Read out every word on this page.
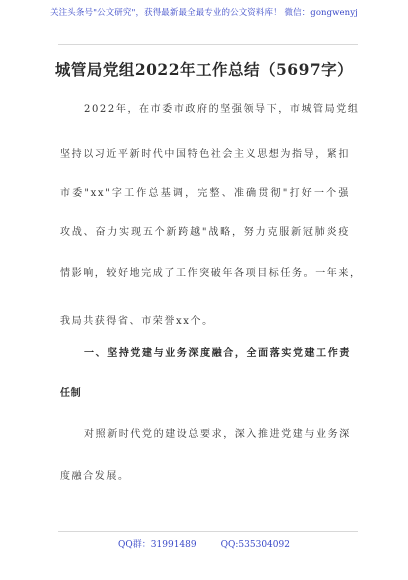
关注头条号"公文研究"，获得最新最全最专业的公文资料库！ 微信：gongwenyj
城管局党组2022年工作总结（5697字）
2022年，在市委市政府的坚强领导下，市城管局党组
坚持以习近平新时代中国特色社会主义思想为指导，紧扣
市委"xx"字工作总基调，完整、准确贯彻"打好一个强
攻战、奋力实现五个新跨越"战略，努力克服新冠肺炎疫
情影响，较好地完成了工作突破年各项目标任务。一年来，
我局共获得省、市荣誉xx个。
一、坚持党建与业务深度融合，全面落实党建工作责
任制
对照新时代党的建设总要求，深入推进党建与业务深
度融合发展。
QQ群：31991489	QQ:535304092
